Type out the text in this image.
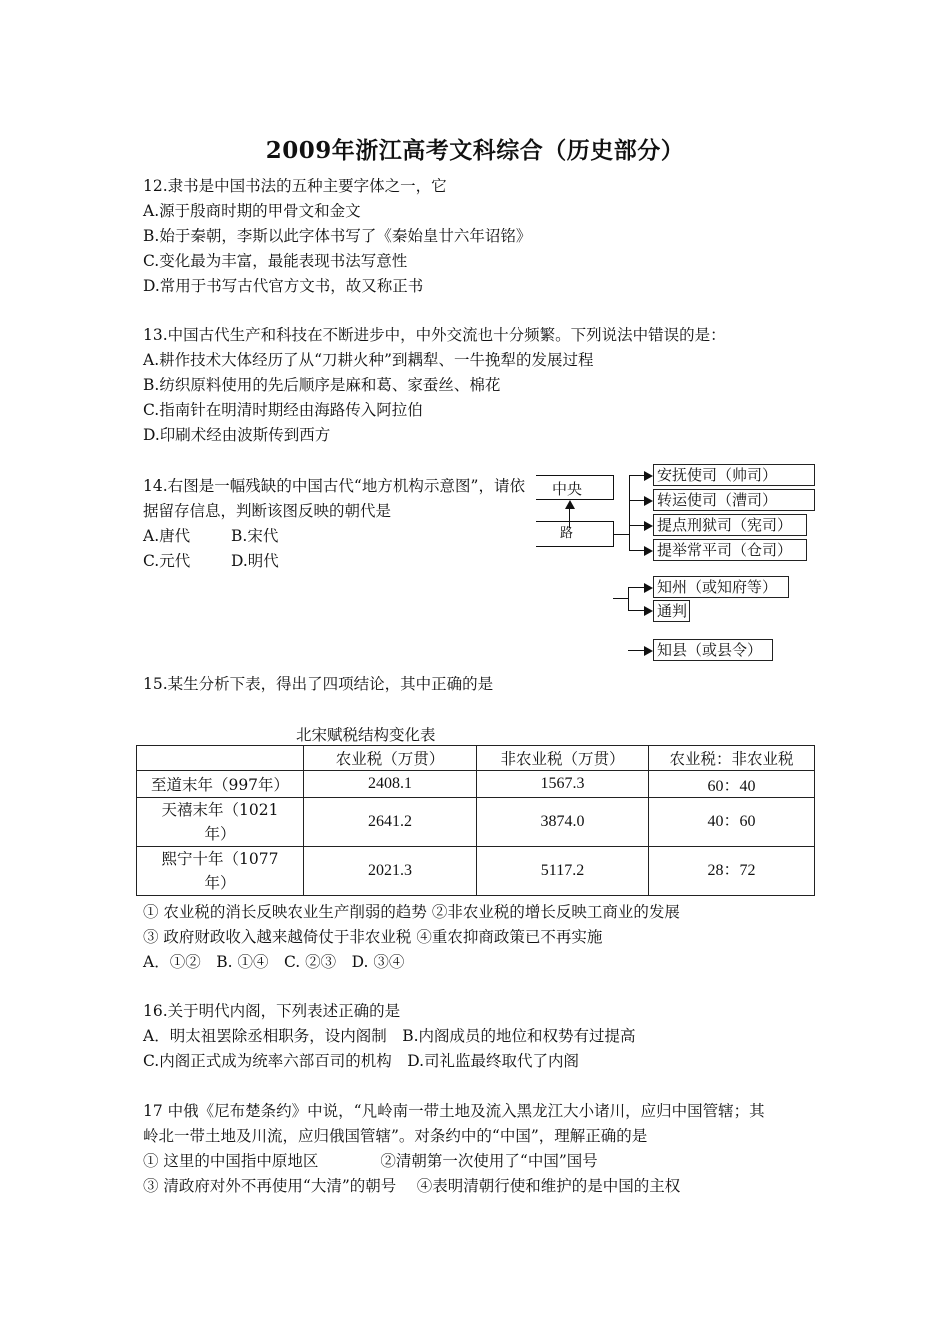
2009年浙江高考文科综合（历史部分）
12.隶书是中国书法的五种主要字体之一，它
A.源于殷商时期的甲骨文和金文
B.始于秦朝，李斯以此字体书写了《秦始皇廿六年诏铭》
C.变化最为丰富，最能表现书法写意性
D.常用于书写古代官方文书，故又称正书
13.中国古代生产和科技在不断进步中，中外交流也十分频繁。下列说法中错误的是：
A.耕作技术大体经历了从“刀耕火种”到耦犁、一牛挽犁的发展过程
B.纺织原料使用的先后顺序是麻和葛、家蚕丝、棉花
C.指南针在明清时期经由海路传入阿拉伯
D.印刷术经由波斯传到西方
14.右图是一幅残缺的中国古代“地方机构示意图”，请依据留存信息，判断该图反映的朝代是
A.唐代	B.宋代
C.元代	D.明代
中央
路
安抚使司（帅司）
转运使司（漕司）
提点刑狱司（宪司）
提举常平司（仓司）
知州（或知府等）
通判
知县（或县令）
15.某生分析下表，得出了四项结论，其中正确的是
北宋赋税结构变化表
	农业税（万贯）	非农业税（万贯）	农业税：非农业税
至道末年（997年）	2408.1	1567.3	60：40
天禧末年（1021年）	2641.2	3874.0	40：60
熙宁十年（1077年）	2021.3	5117.2	28：72
① 农业税的消长反映农业生产削弱的趋势 ②非农业税的增长反映工商业的发展
③ 政府财政收入越来越倚仗于非农业税 ④重农抑商政策已不再实施
A．①②　B. ①④　C. ②③　D. ③④
16.关于明代内阁，下列表述正确的是
A．明太祖罢除丞相职务，设内阁制　B.内阁成员的地位和权势有过提高
C.内阁正式成为统率六部百司的机构　D.司礼监最终取代了内阁
17 中俄《尼布楚条约》中说，“凡岭南一带土地及流入黑龙江大小诸川，应归中国管辖；其
岭北一带土地及川流，应归俄国管辖”。对条约中的“中国”，理解正确的是
① 这里的中国指中原地区　　　　②清朝第一次使用了“中国”国号
③ 清政府对外不再使用“大清”的朝号　 ④表明清朝行使和维护的是中国的主权
